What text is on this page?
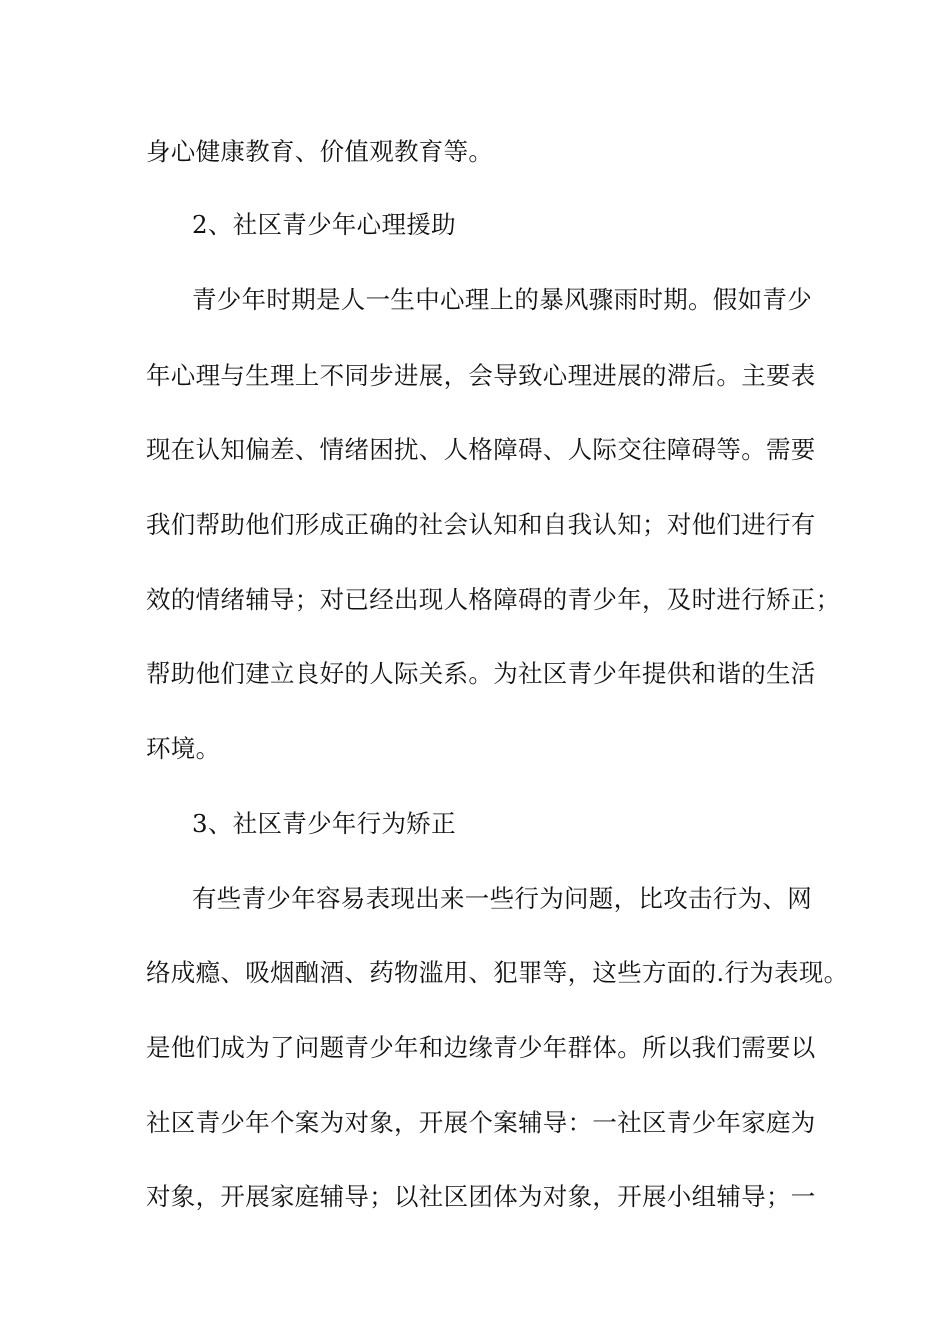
身心健康教育、价值观教育等。
2、社区青少年心理援助
青少年时期是人一生中心理上的暴风骤雨时期。假如青少
年心理与生理上不同步进展，会导致心理进展的滞后。主要表
现在认知偏差、情绪困扰、人格障碍、人际交往障碍等。需要
我们帮助他们形成正确的社会认知和自我认知；对他们进行有
效的情绪辅导；对已经出现人格障碍的青少年，及时进行矫正；
帮助他们建立良好的人际关系。为社区青少年提供和谐的生活
环境。
3、社区青少年行为矫正
有些青少年容易表现出来一些行为问题，比攻击行为、网
络成瘾、吸烟酗酒、药物滥用、犯罪等，这些方面的.行为表现。
是他们成为了问题青少年和边缘青少年群体。所以我们需要以
社区青少年个案为对象，开展个案辅导：一社区青少年家庭为
对象，开展家庭辅导；以社区团体为对象，开展小组辅导；一
